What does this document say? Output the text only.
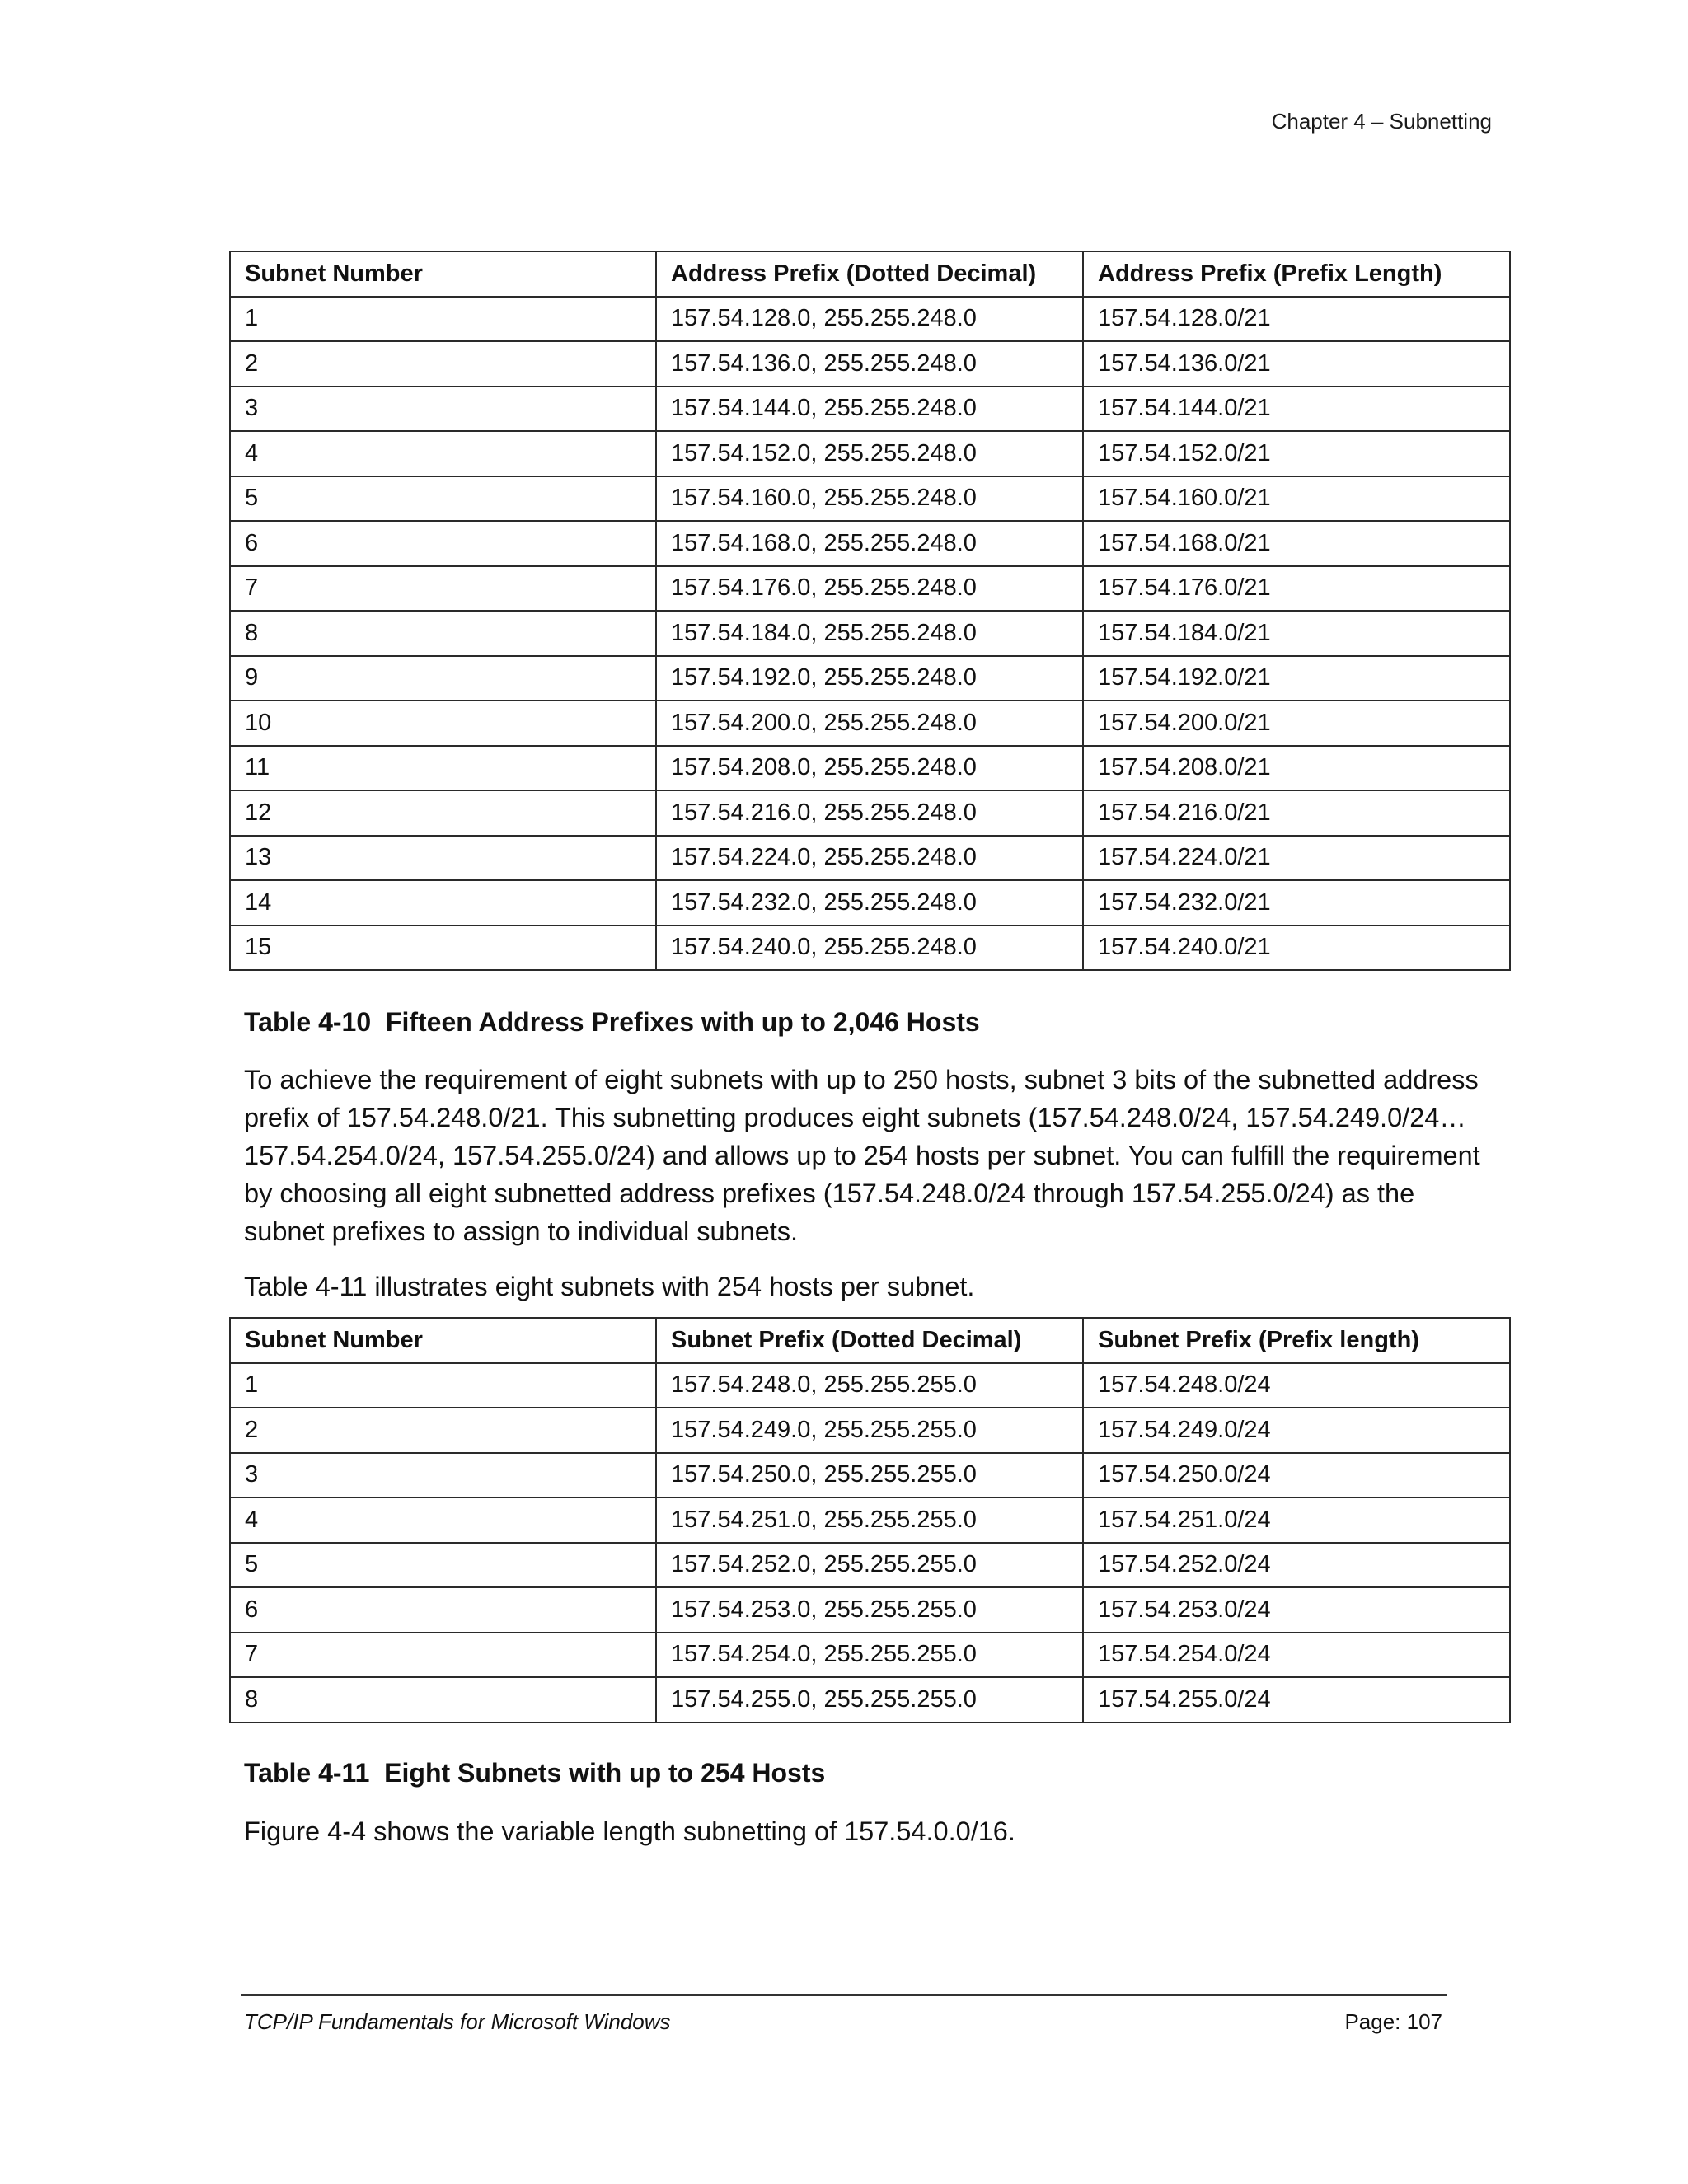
Chapter 4 – Subnetting
Subnet Number	Address Prefix (Dotted Decimal)	Address Prefix (Prefix Length)
1	157.54.128.0, 255.255.248.0	157.54.128.0/21
2	157.54.136.0, 255.255.248.0	157.54.136.0/21
3	157.54.144.0, 255.255.248.0	157.54.144.0/21
4	157.54.152.0, 255.255.248.0	157.54.152.0/21
5	157.54.160.0, 255.255.248.0	157.54.160.0/21
6	157.54.168.0, 255.255.248.0	157.54.168.0/21
7	157.54.176.0, 255.255.248.0	157.54.176.0/21
8	157.54.184.0, 255.255.248.0	157.54.184.0/21
9	157.54.192.0, 255.255.248.0	157.54.192.0/21
10	157.54.200.0, 255.255.248.0	157.54.200.0/21
11	157.54.208.0, 255.255.248.0	157.54.208.0/21
12	157.54.216.0, 255.255.248.0	157.54.216.0/21
13	157.54.224.0, 255.255.248.0	157.54.224.0/21
14	157.54.232.0, 255.255.248.0	157.54.232.0/21
15	157.54.240.0, 255.255.248.0	157.54.240.0/21
Table 4-10  Fifteen Address Prefixes with up to 2,046 Hosts

To achieve the requirement of eight subnets with up to 250 hosts, subnet 3 bits of the subnetted address prefix of 157.54.248.0/21. This subnetting produces eight subnets (157.54.248.0/24, 157.54.249.0/24…157.54.254.0/24, 157.54.255.0/24) and allows up to 254 hosts per subnet. You can fulfill the requirement by choosing all eight subnetted address prefixes (157.54.248.0/24 through 157.54.255.0/24) as the subnet prefixes to assign to individual subnets.

Table 4-11 illustrates eight subnets with 254 hosts per subnet.

Subnet Number	Subnet Prefix (Dotted Decimal)	Subnet Prefix (Prefix length)
1	157.54.248.0, 255.255.255.0	157.54.248.0/24
2	157.54.249.0, 255.255.255.0	157.54.249.0/24
3	157.54.250.0, 255.255.255.0	157.54.250.0/24
4	157.54.251.0, 255.255.255.0	157.54.251.0/24
5	157.54.252.0, 255.255.255.0	157.54.252.0/24
6	157.54.253.0, 255.255.255.0	157.54.253.0/24
7	157.54.254.0, 255.255.255.0	157.54.254.0/24
8	157.54.255.0, 255.255.255.0	157.54.255.0/24
Table 4-11  Eight Subnets with up to 254 Hosts

Figure 4-4 shows the variable length subnetting of 157.54.0.0/16.

TCP/IP Fundamentals for Microsoft Windows	Page: 107
